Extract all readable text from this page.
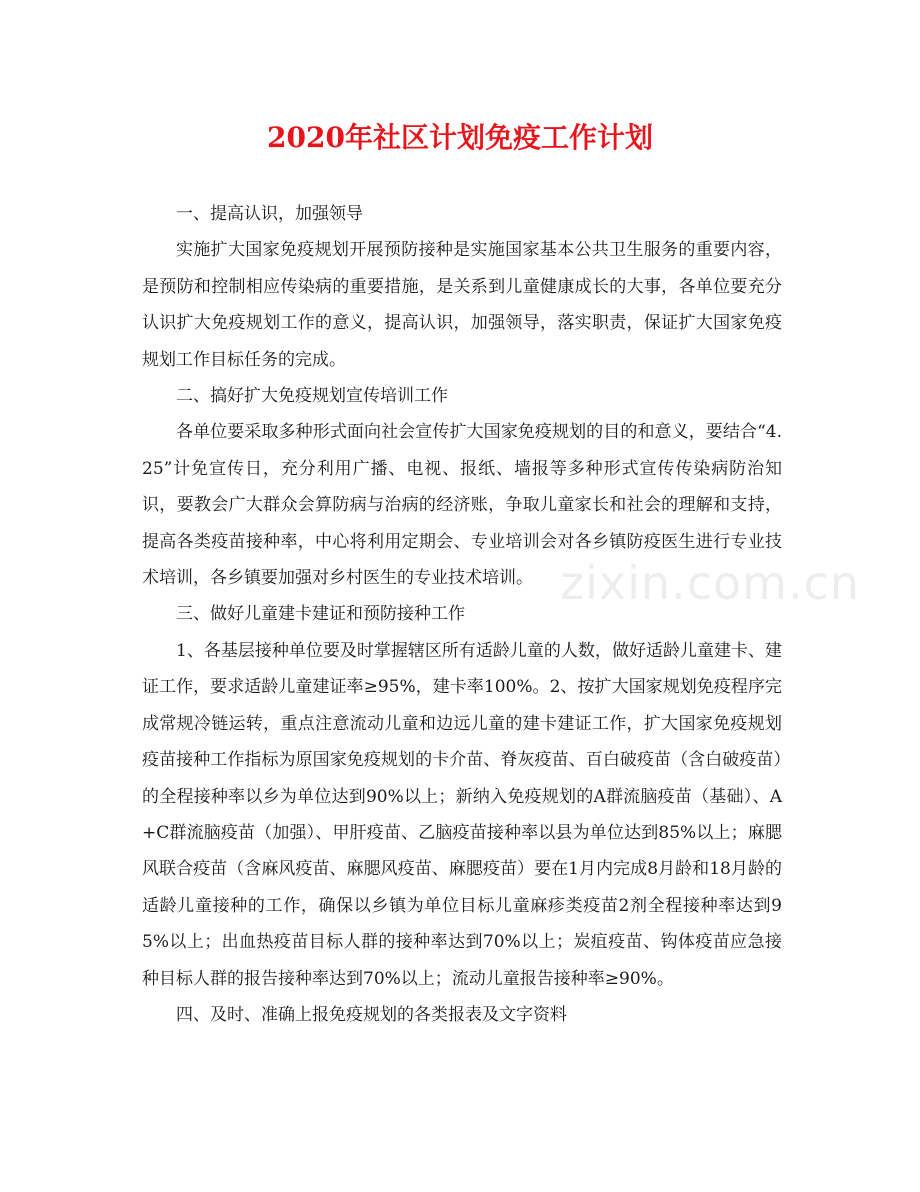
2020年社区计划免疫工作计划

一、提高认识，加强领导

实施扩大国家免疫规划开展预防接种是实施国家基本公共卫生服务的重要内容，是预防和控制相应传染病的重要措施，是关系到儿童健康成长的大事，各单位要充分认识扩大免疫规划工作的意义，提高认识，加强领导，落实职责，保证扩大国家免疫规划工作目标任务的完成。

二、搞好扩大免疫规划宣传培训工作

各单位要采取多种形式面向社会宣传扩大国家免疫规划的目的和意义，要结合“4.25”计免宣传日，充分利用广播、电视、报纸、墙报等多种形式宣传传染病防治知识，要教会广大群众会算防病与治病的经济账，争取儿童家长和社会的理解和支持，提高各类疫苗接种率，中心将利用定期会、专业培训会对各乡镇防疫医生进行专业技术培训，各乡镇要加强对乡村医生的专业技术培训。

三、做好儿童建卡建证和预防接种工作

1、各基层接种单位要及时掌握辖区所有适龄儿童的人数，做好适龄儿童建卡、建证工作，要求适龄儿童建证率≥95%，建卡率100%。2、按扩大国家规划免疫程序完成常规冷链运转，重点注意流动儿童和边远儿童的建卡建证工作，扩大国家免疫规划疫苗接种工作指标为原国家免疫规划的卡介苗、脊灰疫苗、百白破疫苗（含白破疫苗）的全程接种率以乡为单位达到90%以上；新纳入免疫规划的A群流脑疫苗（基础）、A+C群流脑疫苗（加强）、甲肝疫苗、乙脑疫苗接种率以县为单位达到85%以上；麻腮风联合疫苗（含麻风疫苗、麻腮风疫苗、麻腮疫苗）要在1月内完成8月龄和18月龄的适龄儿童接种的工作，确保以乡镇为单位目标儿童麻疹类疫苗2剂全程接种率达到95%以上；出血热疫苗目标人群的接种率达到70%以上；炭疽疫苗、钩体疫苗应急接种目标人群的报告接种率达到70%以上；流动儿童报告接种率≥90%。

四、及时、准确上报免疫规划的各类报表及文字资料

zixin.com.cn
